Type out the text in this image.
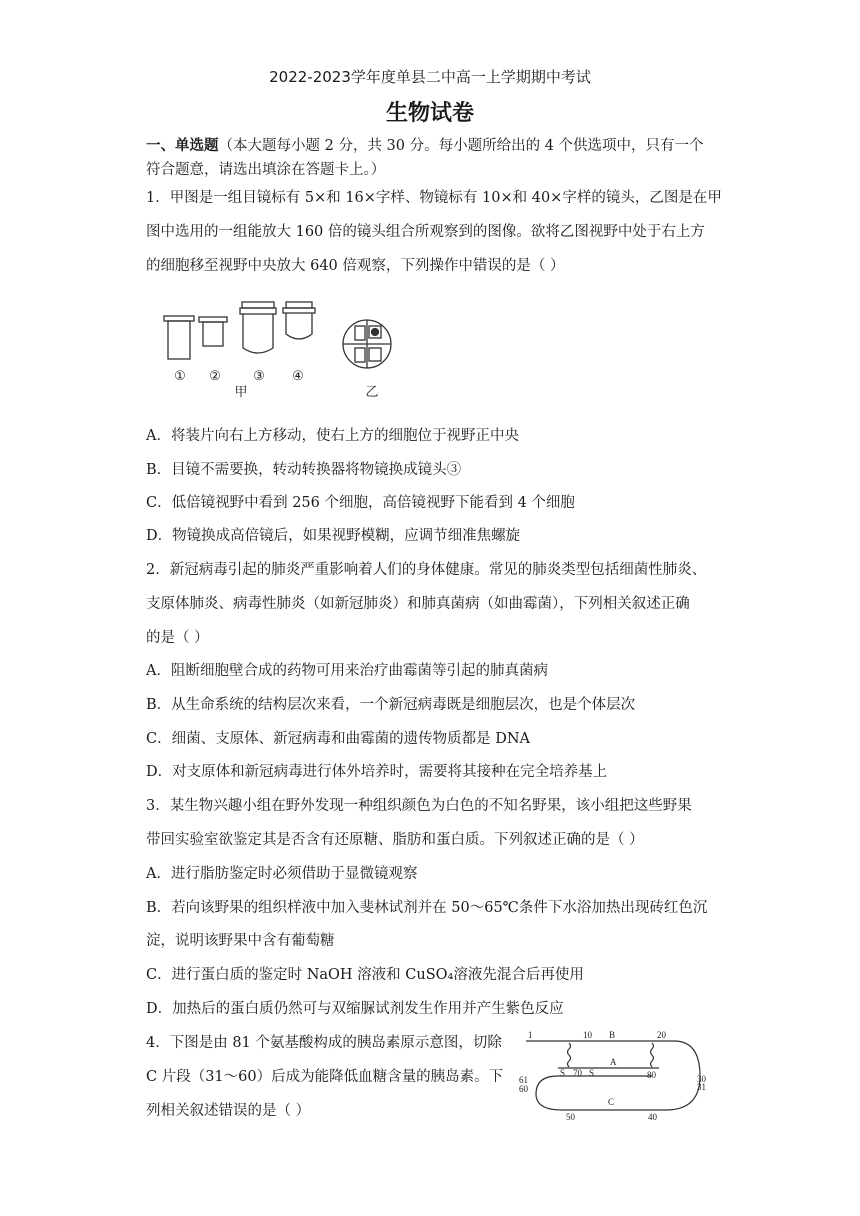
2022-2023学年度单县二中高一上学期期中考试
生物试卷
一、单选题（本大题每小题 2 分，共 30 分。每小题所给出的 4 个供选项中，只有一个
符合题意，请选出填涂在答题卡上。）
1．甲图是一组目镜标有 5×和 16×字样、物镜标有 10×和 40×字样的镜头，乙图是在甲
图中选用的一组能放大 160 倍的镜头组合所观察到的图像。欲将乙图视野中处于右上方
的细胞移至视野中央放大 640 倍观察，下列操作中错误的是（ ）
① ② ③ ④
甲	乙
A．将装片向右上方移动，使右上方的细胞位于视野正中央
B．目镜不需要换，转动转换器将物镜换成镜头③
C．低倍镜视野中看到 256 个细胞，高倍镜视野下能看到 4 个细胞
D．物镜换成高倍镜后，如果视野模糊，应调节细准焦螺旋
2．新冠病毒引起的肺炎严重影响着人们的身体健康。常见的肺炎类型包括细菌性肺炎、
支原体肺炎、病毒性肺炎（如新冠肺炎）和肺真菌病（如曲霉菌），下列相关叙述正确
的是（ ）
A．阻断细胞壁合成的药物可用来治疗曲霉菌等引起的肺真菌病
B．从生命系统的结构层次来看，一个新冠病毒既是细胞层次，也是个体层次
C．细菌、支原体、新冠病毒和曲霉菌的遗传物质都是 DNA
D．对支原体和新冠病毒进行体外培养时，需要将其接种在完全培养基上
3．某生物兴趣小组在野外发现一种组织颜色为白色的不知名野果，该小组把这些野果
带回实验室欲鉴定其是否含有还原糖、脂肪和蛋白质。下列叙述正确的是（ ）
A．进行脂肪鉴定时必须借助于显微镜观察
B．若向该野果的组织样液中加入斐林试剂并在 50～65℃条件下水浴加热出现砖红色沉
淀，说明该野果中含有葡萄糖
C．进行蛋白质的鉴定时 NaOH 溶液和 CuSO₄溶液先混合后再使用
D．加热后的蛋白质仍然可与双缩脲试剂发生作用并产生紫色反应
4．下图是由 81 个氨基酸构成的胰岛素原示意图，切除
C 片段（31～60）后成为能降低血糖含量的胰岛素。下
列相关叙述错误的是（ ）
1	10 B	20
A
S 70 S	80	30
31
61
60
C
50	40
